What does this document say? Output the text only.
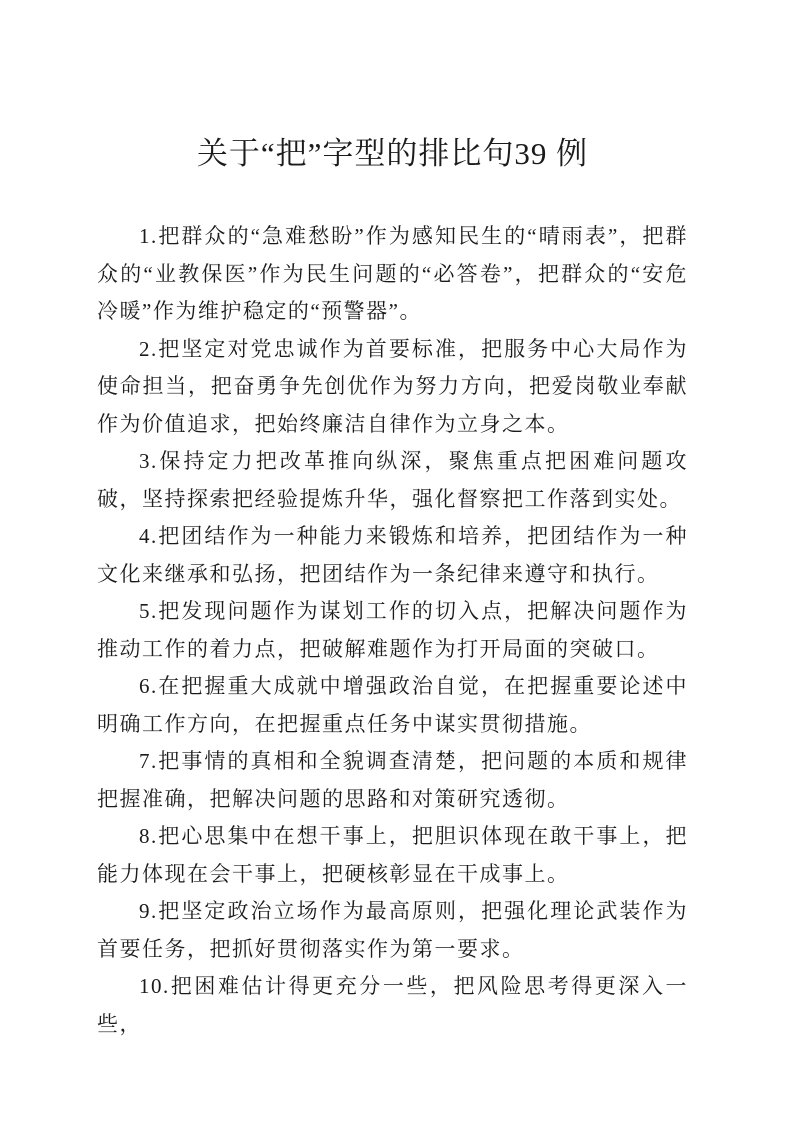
关于“把”字型的排比句39 例

1.把群众的“急难愁盼”作为感知民生的“晴雨表”，把群众的“业教保医”作为民生问题的“必答卷”，把群众的“安危冷暖”作为维护稳定的“预警器”。

2.把坚定对党忠诚作为首要标准，把服务中心大局作为使命担当，把奋勇争先创优作为努力方向，把爱岗敬业奉献作为价值追求，把始终廉洁自律作为立身之本。

3.保持定力把改革推向纵深，聚焦重点把困难问题攻破，坚持探索把经验提炼升华，强化督察把工作落到实处。

4.把团结作为一种能力来锻炼和培养，把团结作为一种文化来继承和弘扬，把团结作为一条纪律来遵守和执行。

5.把发现问题作为谋划工作的切入点，把解决问题作为推动工作的着力点，把破解难题作为打开局面的突破口。

6.在把握重大成就中增强政治自觉，在把握重要论述中明确工作方向，在把握重点任务中谋实贯彻措施。

7.把事情的真相和全貌调查清楚，把问题的本质和规律把握准确，把解决问题的思路和对策研究透彻。

8.把心思集中在想干事上，把胆识体现在敢干事上，把能力体现在会干事上，把硬核彰显在干成事上。

9.把坚定政治立场作为最高原则，把强化理论武装作为首要任务，把抓好贯彻落实作为第一要求。

10.把困难估计得更充分一些，把风险思考得更深入一些，
